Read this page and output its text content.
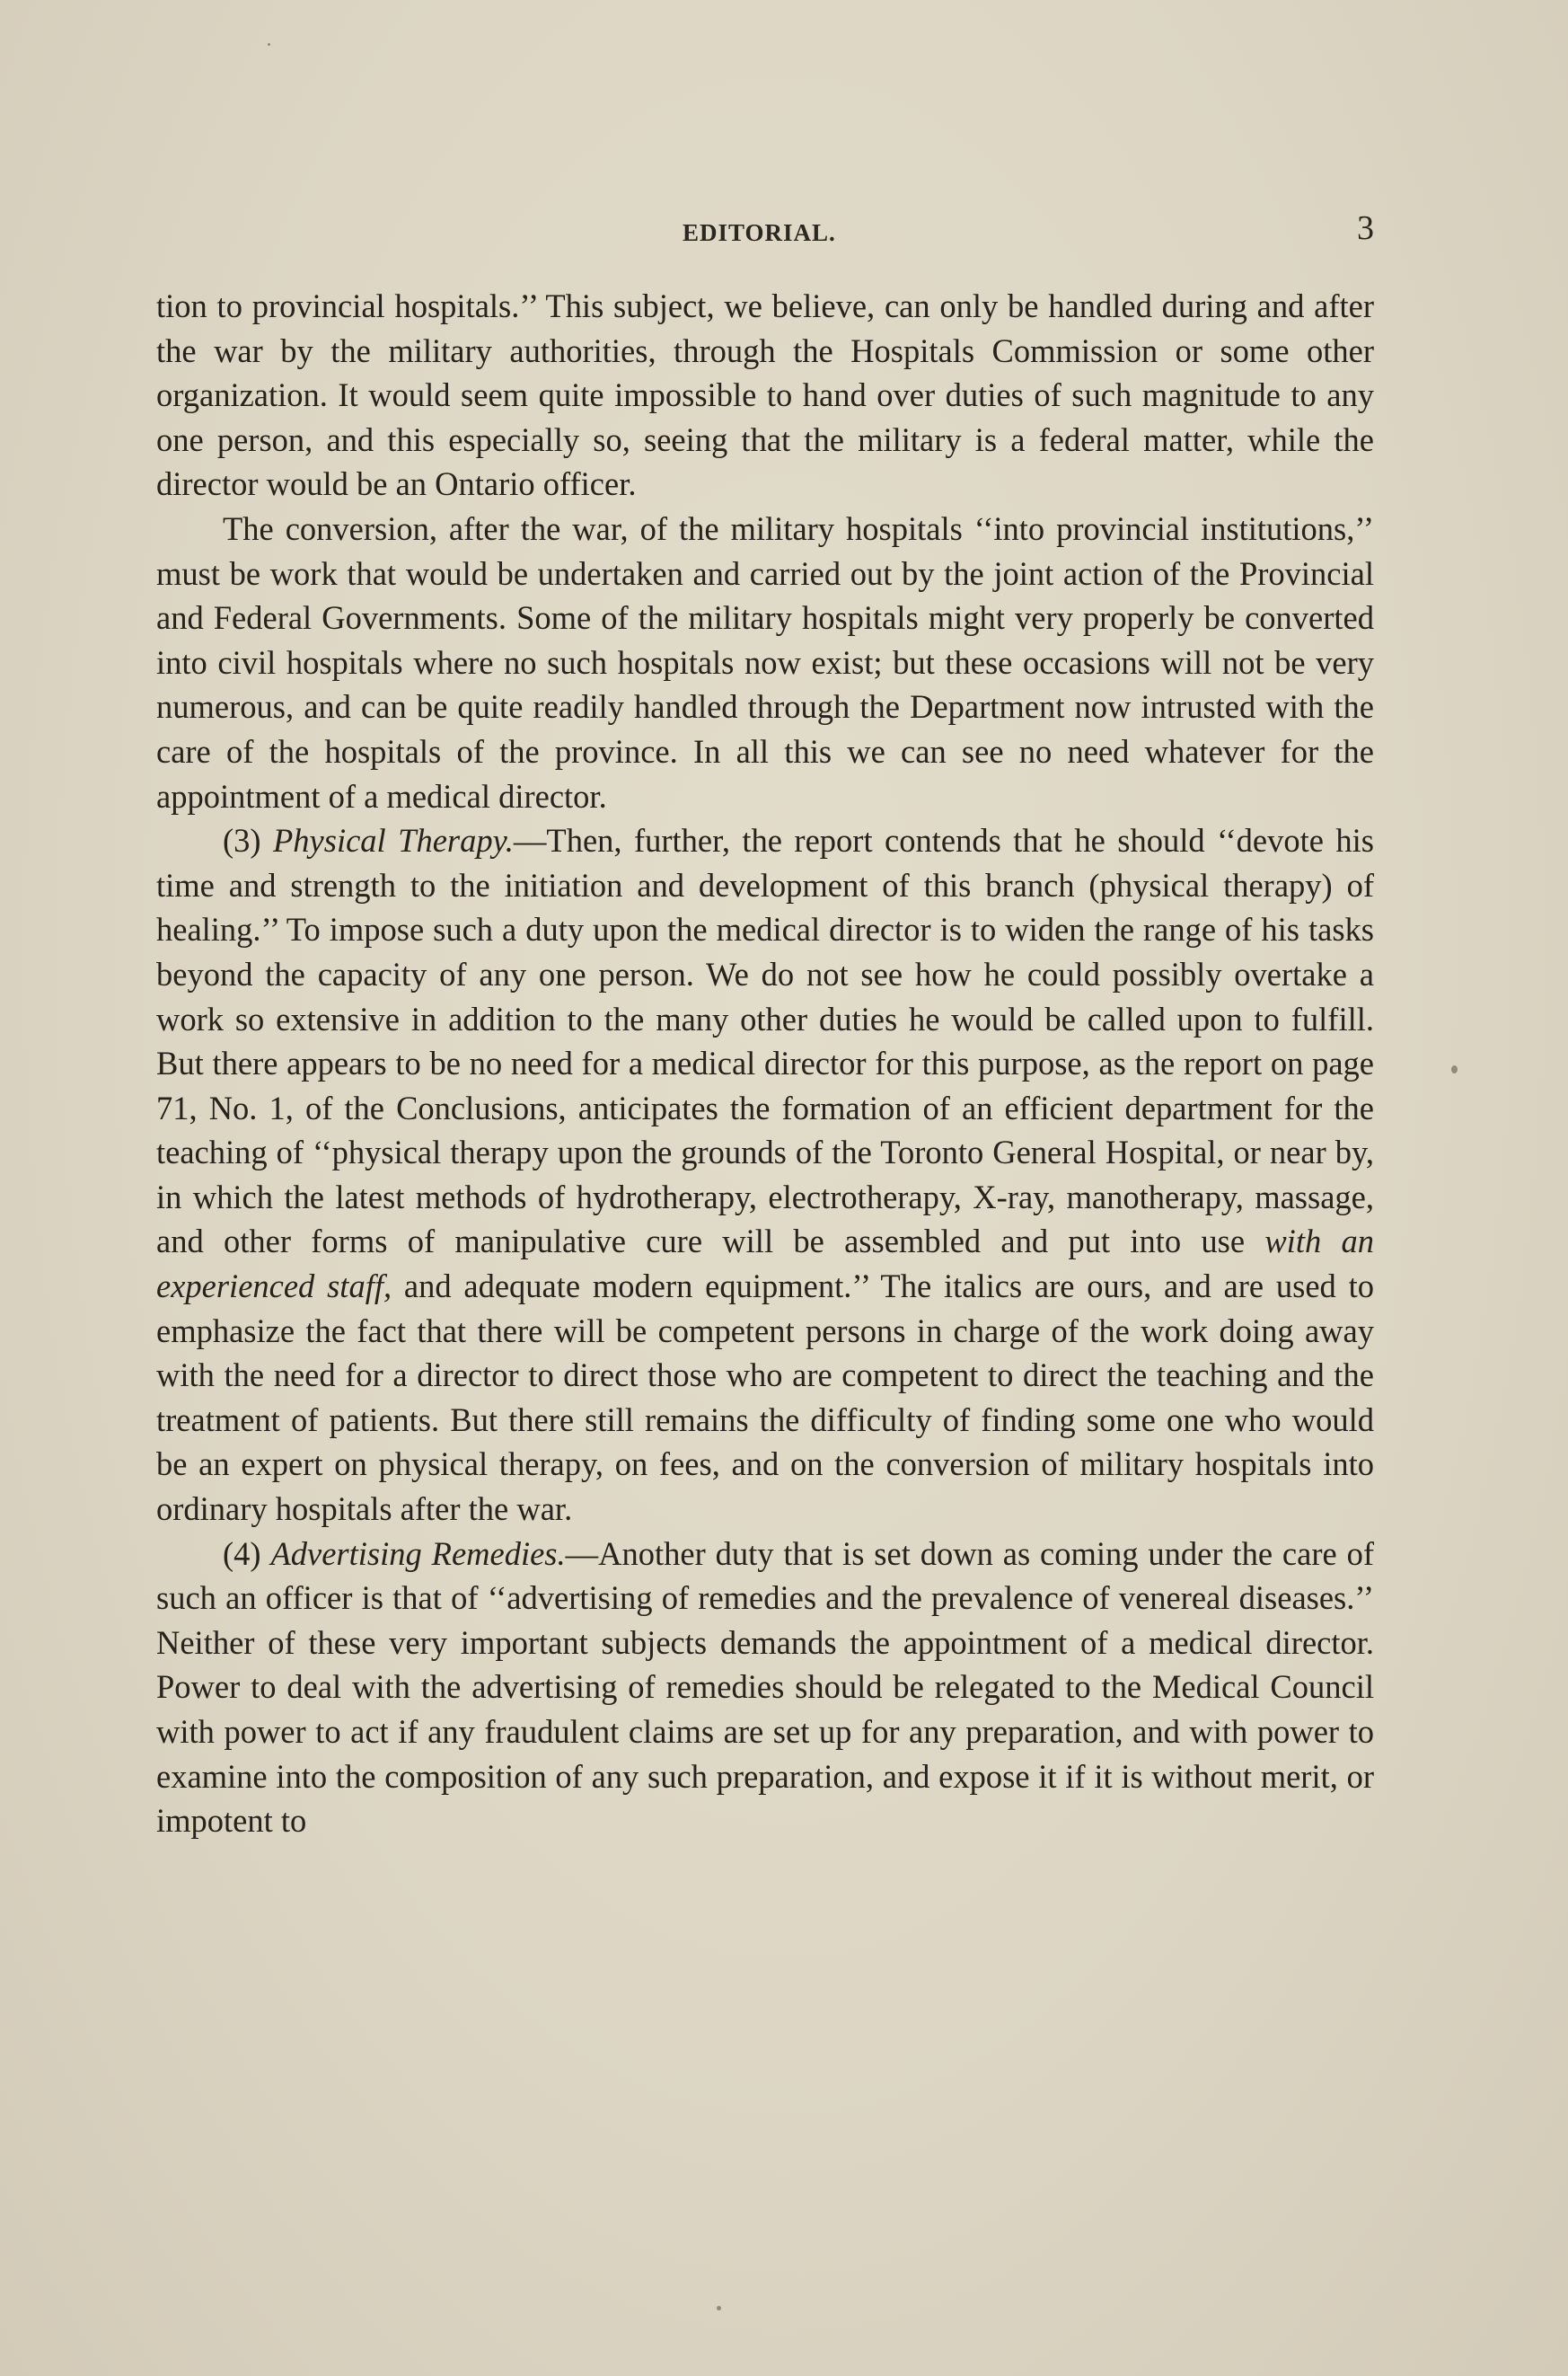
EDITORIAL.	3

tion to provincial hospitals.’’ This subject, we believe, can only be handled during and after the war by the military authorities, through the Hospitals Commission or some other organization. It would seem quite impossible to hand over duties of such magnitude to any one person, and this especially so, seeing that the military is a federal matter, while the director would be an Ontario officer.

The conversion, after the war, of the military hospitals ‘‘into provincial institutions,’’ must be work that would be undertaken and carried out by the joint action of the Provincial and Federal Governments. Some of the military hospitals might very properly be converted into civil hospitals where no such hospitals now exist; but these occasions will not be very numerous, and can be quite readily handled through the Department now intrusted with the care of the hospitals of the province. In all this we can see no need whatever for the appointment of a medical director.

(3) Physical Therapy.—Then, further, the report contends that he should ‘‘devote his time and strength to the initiation and development of this branch (physical therapy) of healing.’’ To impose such a duty upon the medical director is to widen the range of his tasks beyond the capacity of any one person. We do not see how he could possibly overtake a work so extensive in addition to the many other duties he would be called upon to fulfill. But there appears to be no need for a medical director for this purpose, as the report on page 71, No. 1, of the Conclusions, anticipates the formation of an efficient department for the teaching of ‘‘physical therapy upon the grounds of the Toronto General Hospital, or near by, in which the latest methods of hydrotherapy, electrotherapy, X-ray, manotherapy, massage, and other forms of manipulative cure will be assembled and put into use with an experienced staff, and adequate modern equipment.’’ The italics are ours, and are used to emphasize the fact that there will be competent persons in charge of the work doing away with the need for a director to direct those who are competent to direct the teaching and the treatment of patients. But there still remains the difficulty of finding some one who would be an expert on physical therapy, on fees, and on the conversion of military hospitals into ordinary hospitals after the war.

(4) Advertising Remedies.—Another duty that is set down as coming under the care of such an officer is that of ‘‘advertising of remedies and the prevalence of venereal diseases.’’ Neither of these very important subjects demands the appointment of a medical director. Power to deal with the advertising of remedies should be relegated to the Medical Council with power to act if any fraudulent claims are set up for any preparation, and with power to examine into the composition of any such preparation, and expose it if it is without merit, or impotent to
